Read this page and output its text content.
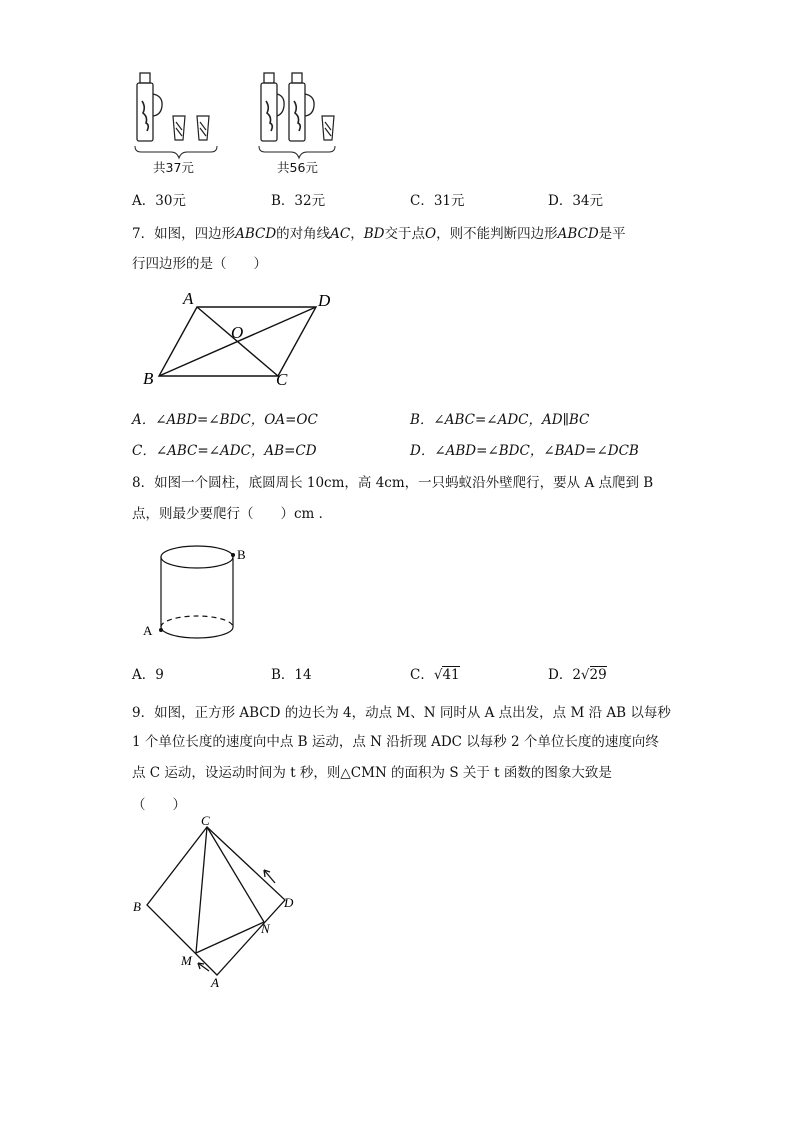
共37元	共56元
A．30元	B．32元	C．31元	D．34元
7．如图，四边形ABCD的对角线AC，BD交于点O，则不能判断四边形ABCD是平
行四边形的是（　　）
A	D
O
B	C
A．∠ABD=∠BDC，OA=OC	B．∠ABC=∠ADC，AD∥BC
C．∠ABC=∠ADC，AB=CD	D．∠ABD=∠BDC，∠BAD=∠DCB
8．如图一个圆柱，底圆周长 10cm，高 4cm，一只蚂蚁沿外壁爬行，要从 A 点爬到 B
点，则最少要爬行（　　）cm ．
B
A
A．9	B．14	C．√41	D．2√29
9．如图，正方形 ABCD 的边长为 4，动点 M、N 同时从 A 点出发，点 M 沿 AB 以每秒
1 个单位长度的速度向中点 B 运动，点 N 沿折现 ADC 以每秒 2 个单位长度的速度向终
点 C 运动，设运动时间为 t 秒，则△CMN 的面积为 S 关于 t 函数的图象大致是
（　　）
C
B	D
N
M
A
